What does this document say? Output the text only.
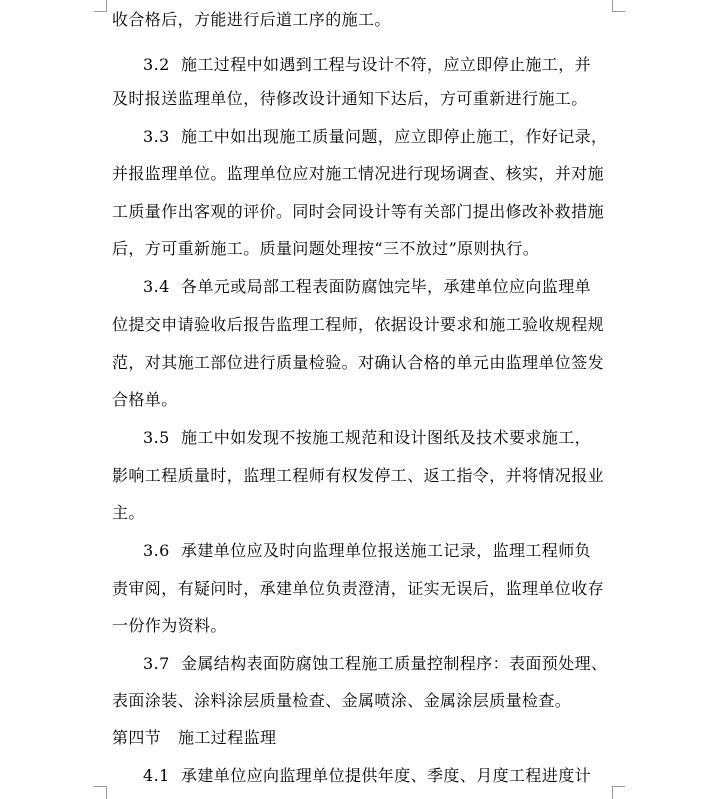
收合格后，方能进行后道工序的施工。
3.2 施工过程中如遇到工程与设计不符，应立即停止施工，并
及时报送监理单位，待修改设计通知下达后，方可重新进行施工。
3.3 施工中如出现施工质量问题，应立即停止施工，作好记录，
并报监理单位。监理单位应对施工情况进行现场调查、核实，并对施
工质量作出客观的评价。同时会同设计等有关部门提出修改补救措施
后，方可重新施工。质量问题处理按“三不放过”原则执行。
3.4 各单元或局部工程表面防腐蚀完毕，承建单位应向监理单
位提交申请验收后报告监理工程师，依据设计要求和施工验收规程规
范，对其施工部位进行质量检验。对确认合格的单元由监理单位签发
合格单。
3.5 施工中如发现不按施工规范和设计图纸及技术要求施工，
影响工程质量时，监理工程师有权发停工、返工指令，并将情况报业
主。
3.6 承建单位应及时向监理单位报送施工记录，监理工程师负
责审阅，有疑问时，承建单位负责澄清，证实无误后，监理单位收存
一份作为资料。
3.7 金属结构表面防腐蚀工程施工质量控制程序：表面预处理、
表面涂装、涂料涂层质量检查、金属喷涂、金属涂层质量检查。
第四节 施工过程监理
4.1 承建单位应向监理单位提供年度、季度、月度工程进度计
